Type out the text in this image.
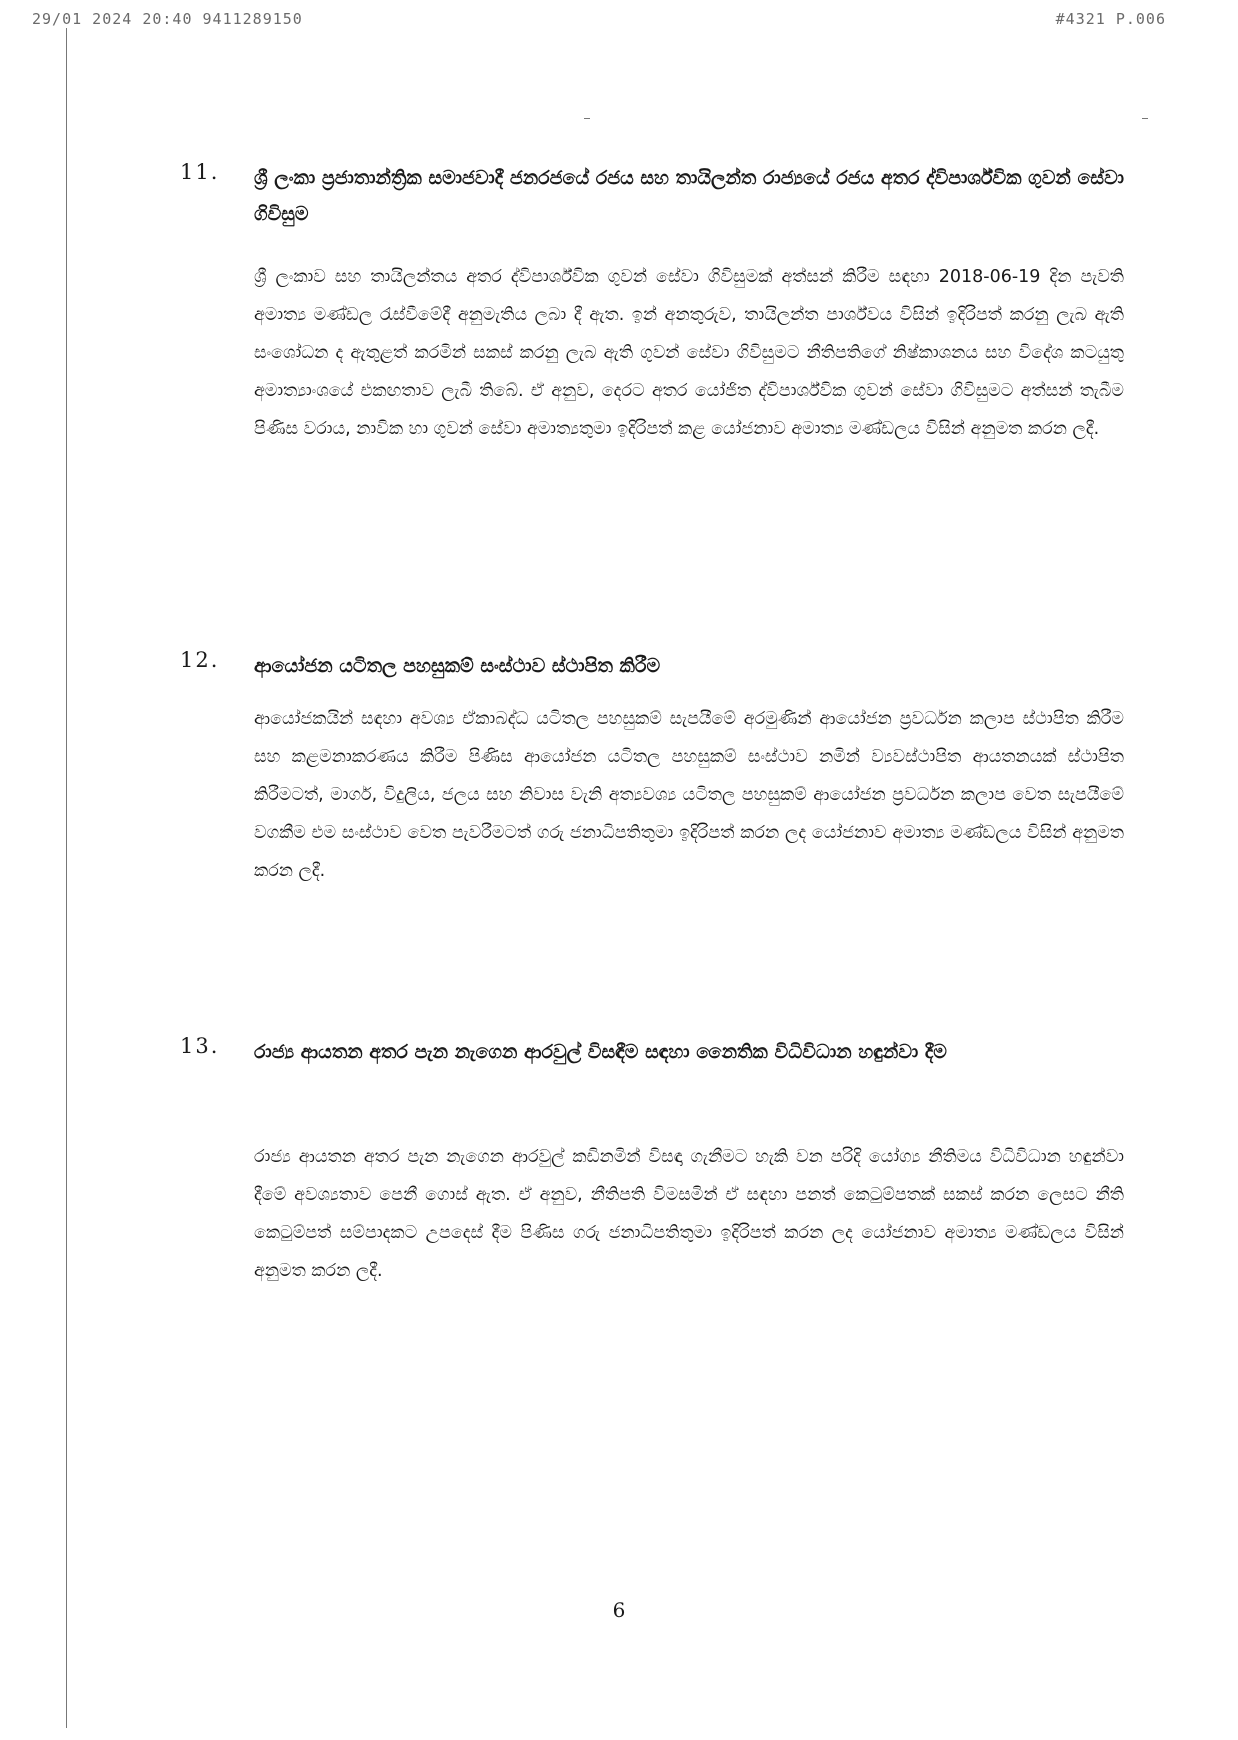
29/01 2024 20:40 9411289150	#4321 P.006
11. ශ්‍රී ලංකා ප්‍රජාතාන්ත්‍රික සමාජවාදී ජනරජයේ රජය සහ තායිලන්ත රාජ්‍යයේ රජය අතර ද්විපාර්ශ්වික ගුවන් සේවා ගිවිසුම
ශ්‍රී ලංකාව සහ තායිලන්තය අතර ද්විපාර්ශ්වික ගුවන් සේවා ගිවිසුමක් අත්සන් කිරීම සඳහා 2018-06-19 දින පැවති අමාත්‍ය මණ්ඩල රැස්වීමේදී අනුමැතිය ලබා දී ඇත. ඉන් අනතුරුව, තායිලන්ත පාර්ශ්වය විසින් ඉදිරිපත් කරනු ලැබ ඇති සංශෝධන ද ඇතුළත් කරමින් සකස් කරනු ලැබ ඇති ගුවන් සේවා ගිවිසුමට නීතිපතිගේ නිෂ්කාශනය සහ විදේශ කටයුතු අමාත්‍යාංශයේ එකඟතාව ලැබී තිබේ. ඒ අනුව, දෙරට අතර යෝජිත ද්විපාර්ශ්වික ගුවන් සේවා ගිවිසුමට අත්සන් තැබීම පිණිස වරාය, නාවික හා ගුවන් සේවා අමාත්‍යතුමා ඉදිරිපත් කළ යෝජනාව අමාත්‍ය මණ්ඩලය විසින් අනුමත කරන ලදී.
12. ආයෝජන යටිතල පහසුකම් සංස්ථාව ස්ථාපිත කිරීම
ආයෝජකයින් සඳහා අවශ්‍ය ඒකාබද්ධ යටිතල පහසුකම් සැපයීමේ අරමුණින් ආයෝජන ප්‍රවර්ධන කලාප ස්ථාපිත කිරීම සහ කළමනාකරණය කිරීම පිණිස ආයෝජන යටිතල පහසුකම් සංස්ථාව නමින් ව්‍යවස්ථාපිත ආයතනයක් ස්ථාපිත කිරීමටත්, මාර්ග, විදුලිය, ජලය සහ නිවාස වැනි අත්‍යවශ්‍ය යටිතල පහසුකම් ආයෝජන ප්‍රවර්ධන කලාප වෙත සැපයීමේ වගකීම එම සංස්ථාව වෙත පැවරීමටත් ගරු ජනාධිපතිතුමා ඉදිරිපත් කරන ලද යෝජනාව අමාත්‍ය මණ්ඩලය විසින් අනුමත කරන ලදී.
13. රාජ්‍ය ආයතන අතර පැන නැගෙන ආරවුල් විසඳීම සඳහා නෛතික විධිවිධාන හඳුන්වා දීම
රාජ්‍ය ආයතන අතර පැන නැගෙන ආරවුල් කඩිනමින් විසඳා ගැනීමට හැකි වන පරිදි යෝග්‍ය නීතිමය විධිවිධාන හඳුන්වා දීමේ අවශ්‍යතාව පෙනී ගොස් ඇත. ඒ අනුව, නීතිපති විමසමින් ඒ සඳහා පනත් කෙටුම්පතක් සකස් කරන ලෙසට නීති කෙටුම්පත් සම්පාදකට උපදෙස් දීම පිණිස ගරු ජනාධිපතිතුමා ඉදිරිපත් කරන ලද යෝජනාව අමාත්‍ය මණ්ඩලය විසින් අනුමත කරන ලදී.
6
